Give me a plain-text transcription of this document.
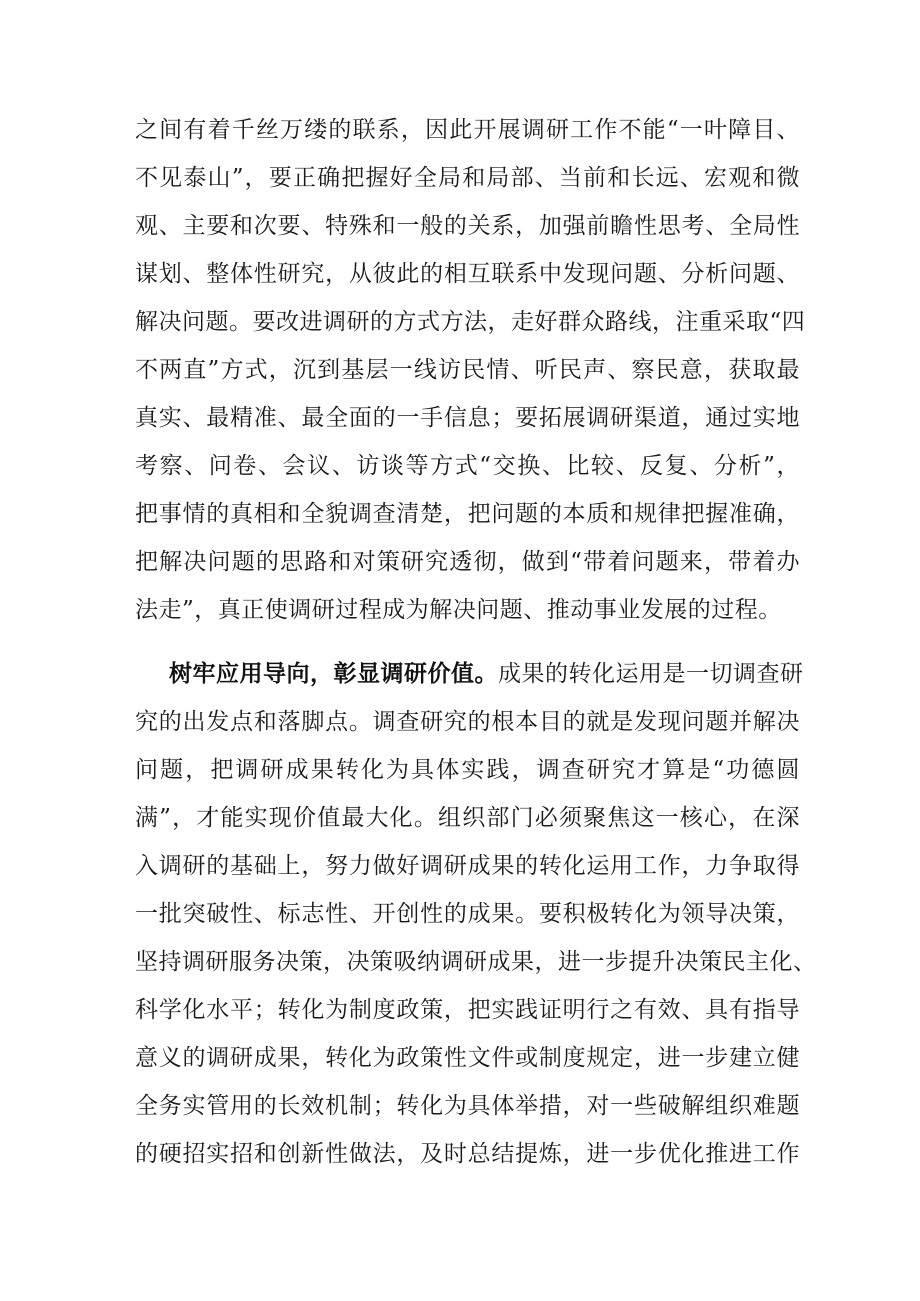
之间有着千丝万缕的联系，因此开展调研工作不能“一叶障目、
不见泰山”，要正确把握好全局和局部、当前和长远、宏观和微
观、主要和次要、特殊和一般的关系，加强前瞻性思考、全局性
谋划、整体性研究，从彼此的相互联系中发现问题、分析问题、
解决问题。要改进调研的方式方法，走好群众路线，注重采取“四
不两直”方式，沉到基层一线访民情、听民声、察民意，获取最
真实、最精准、最全面的一手信息；要拓展调研渠道，通过实地
考察、问卷、会议、访谈等方式“交换、比较、反复、分析”，
把事情的真相和全貌调查清楚，把问题的本质和规律把握准确，
把解决问题的思路和对策研究透彻，做到“带着问题来，带着办
法走”，真正使调研过程成为解决问题、推动事业发展的过程。
树牢应用导向，彰显调研价值。成果的转化运用是一切调查研
究的出发点和落脚点。调查研究的根本目的就是发现问题并解决
问题，把调研成果转化为具体实践，调查研究才算是“功德圆
满”，才能实现价值最大化。组织部门必须聚焦这一核心，在深
入调研的基础上，努力做好调研成果的转化运用工作，力争取得
一批突破性、标志性、开创性的成果。要积极转化为领导决策，
坚持调研服务决策，决策吸纳调研成果，进一步提升决策民主化、
科学化水平；转化为制度政策，把实践证明行之有效、具有指导
意义的调研成果，转化为政策性文件或制度规定，进一步建立健
全务实管用的长效机制；转化为具体举措，对一些破解组织难题
的硬招实招和创新性做法，及时总结提炼，进一步优化推进工作
